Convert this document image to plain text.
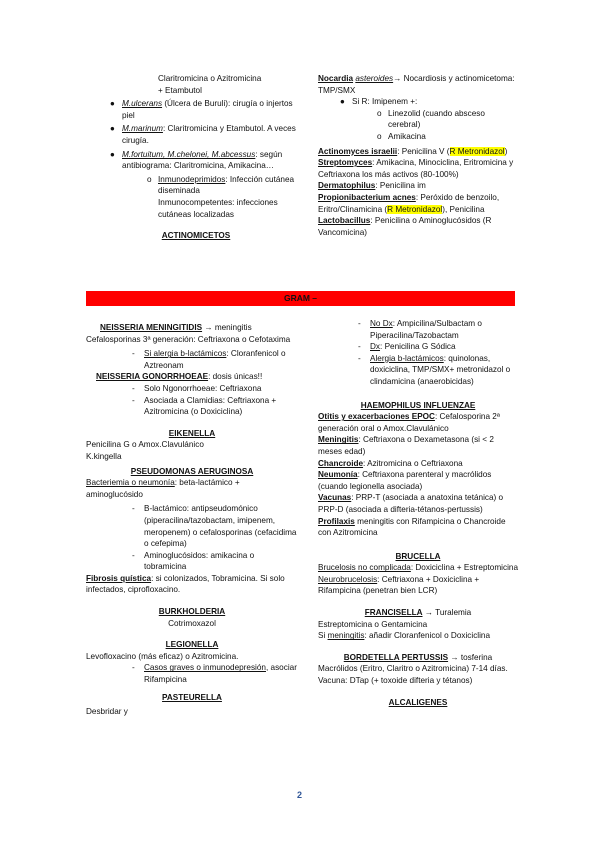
Claritromicina o Azitromicina

+ Etambutol

● M.ulcerans (Úlcera de Buruli): cirugía o injertos piel
● M.marinum: Claritromicina y Etambutol. A veces cirugía.
● M.fortuitum, M.chelonei, M.abcessus: según antibiograma: Claritromicina, Amikacina…
o Inmunodeprimidos: Infección cutánea diseminada
Inmunocompetentes: infecciones cutáneas localizadas

ACTINOMICETOS

Nocardia asteroides→ Nocardiosis y actinomicetoma: TMP/SMX

● Si R: Imipenem +:
o Linezolid (cuando absceso cerebral)
o Amikacina

Actinomyces israelii: Penicilina V (R Metronidazol)

Streptomyces: Amikacina, Minociclina, Eritromicina y Ceftriaxona los más activos (80-100%)

Dermatophilus: Penicilina im

Propionibacterium acnes: Peróxido de benzoilo, Eritro/Clinamicina (R Metronidazol), Penicilina

Lactobacillus: Penicilina o Aminoglucósidos (R Vancomicina)

GRAM –

NEISSERIA MENINGITIDIS → meningitis Cefalosporinas 3ª generación: Ceftriaxona o Cefotaxima

- Si alergia b-lactámicos: Cloranfenicol o Aztreonam

NEISSERIA GONORRHOEAE: dosis únicas!!

- Solo Ngonorrhoeae: Ceftriaxona
- Asociada a Clamidias: Ceftriaxona + Azitromicina (o Doxiciclina)

EIKENELLA

Penicilina G o Amox.Clavulánico

K.kingella

PSEUDOMONAS AERUGINOSA

Bacteriemia o neumonía: beta-lactámico + aminoglucósido

- B-lactámico: antipseudomónico (piperacilina/tazobactam, imipenem, meropenem) o cefalosporinas (cefacidima o cefepima)
- Aminoglucósidos: amikacina o tobramicina

Fibrosis quística: si colonizados, Tobramicina. Si solo infectados, ciprofloxacino.

BURKHOLDERIA

Cotrimoxazol

LEGIONELLA

Levofloxacino (más eficaz) o Azitromicina.

- Casos graves o inmunodepresión, asociar Rifampicina

PASTEURELLA

Desbridar y

- No Dx: Ampicilina/Sulbactam o Piperacilina/Tazobactam
- Dx: Penicilina G Sódica
- Alergia b-lactámicos: quinolonas, doxiciclina, TMP/SMX+ metronidazol o clindamicina (anaerobicidas)

HAEMOPHILUS INFLUENZAE

Otitis y exacerbaciones EPOC: Cefalosporina 2ª generación oral o Amox.Clavulánico

Meningitis: Ceftriaxona o Dexametasona (si < 2 meses edad)

Chancroide: Azitromicina o Ceftriaxona

Neumonía: Ceftriaxona parenteral y macrólidos (cuando legionella asociada)

Vacunas: PRP-T (asociada a anatoxina tetánica) o PRP-D (asociada a difteria-tétanos-pertussis)

Profilaxis meningitis con Rifampicina o Chancroide con Azitromicina

BRUCELLA

Brucelosis no complicada: Doxiciclina + Estreptomicina

Neurobrucelosis: Ceftriaxona + Doxiciclina + Rifampicina (penetran bien LCR)

FRANCISELLA → Turalemia

Estreptomicina o Gentamicina

Si meningitis: añadir Cloranfenicol o Doxiciclina

BORDETELLA PERTUSSIS → tosferina

Macrólidos (Eritro, Claritro o Azitromicina) 7-14 días.

Vacuna: DTap (+ toxoide difteria y tétanos)

ALCALIGENES

2
